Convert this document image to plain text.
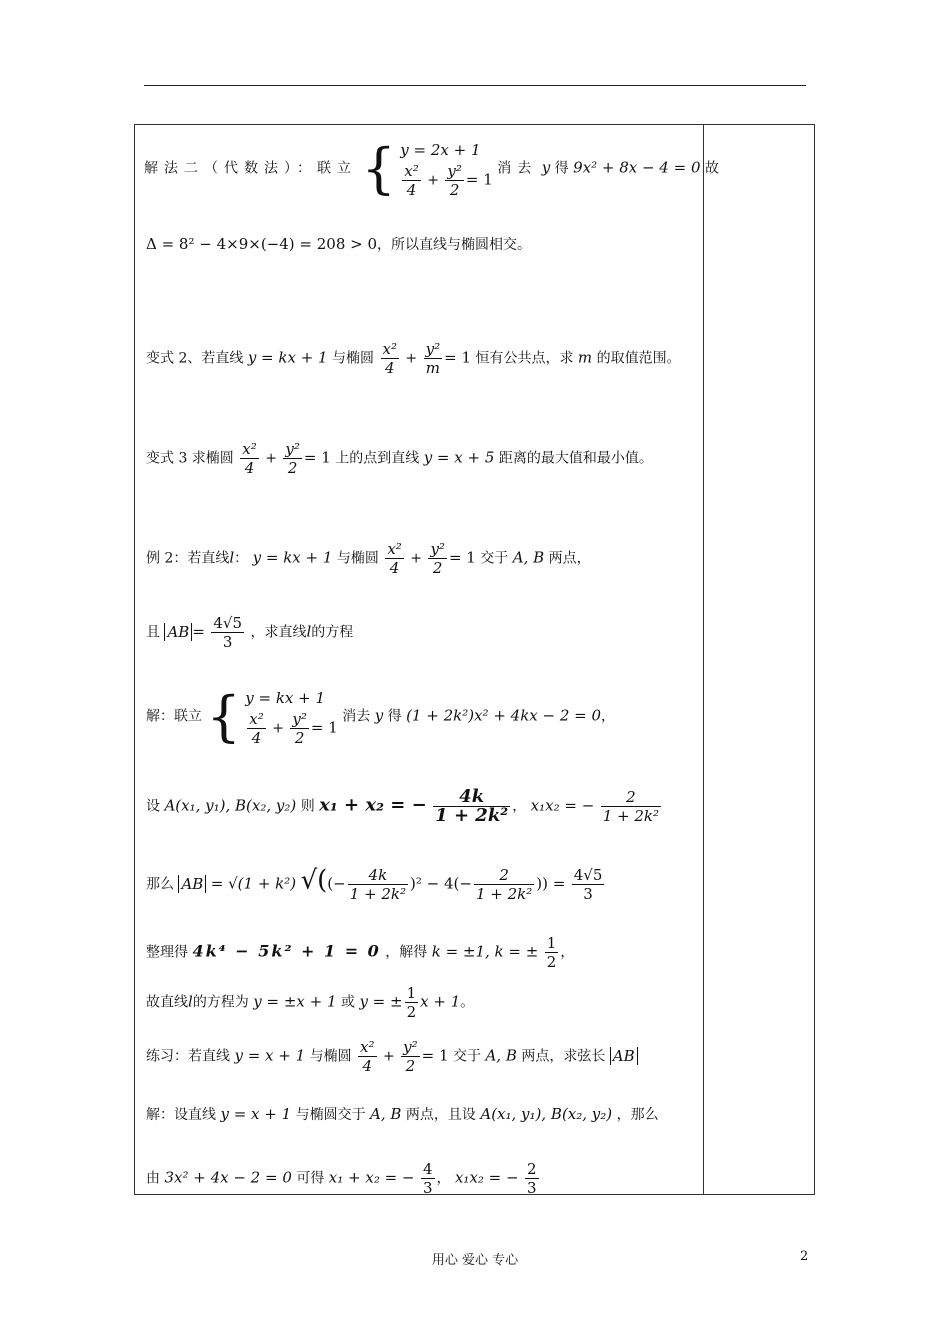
解法二（代数法）：联立 { y = 2x + 1
$\frac{\text{x²}}{4} + \frac{\text{y²}}{2} = 1$
消去 y 得 9x² + 8x − 4 = 0 故
Δ = 8² − 4×9×(−4) = 208 > 0，所以直线与椭圆相交。
变式 2、若直线 y = kx + 1 与椭圆 $\frac{\text{x²}}{4} + \frac{\text{y²}}{m} = 1$ 恒有公共点，求 m 的取值范围。
变式 3 求椭圆 $\frac{\text{x²}}{4} + \frac{\text{y²}}{2} = 1$ 上的点到直线 y = x + 5 距离的最大值和最小值。
例 2：若直线l： y = kx + 1 与椭圆 $\frac{\text{x²}}{4} + \frac{\text{y²}}{2} = 1$ 交于 A, B 两点，
且 AB = $\frac{4√5}{3}$ ，求直线l的方程
解：联立 { y = kx + 1
$\frac{\text{x²}}{4} + \frac{\text{y²}}{2} = 1$
消去 y 得 (1 + 2k²)x² + 4kx − 2 = 0，
设 A(x₁, y₁), B(x₂, y₂) 则 x₁ + x₂ = − $\frac{4k}{\text{1 + 2k²}}$ ， x₁x₂ = − $\frac{2}{\text{1 + 2k²}}$
那么 AB = √(1 + k²) √((− $\frac{4k}{\text{1 + 2k²}} )^2 - 4(- \frac{2}{\text{1 + 2k²}}$ )) = $\frac{4√5}{3}$
整理得 4k⁴ − 5k² + 1 = 0 ，解得 k = ±1, k = ± $\frac{1}{2}$ ，
故直线l的方程为 y = ±x + 1 或 y = ± $\frac{1}{2}$ x + 1。
练习：若直线 y = x + 1 与椭圆 $\frac{\text{x²}}{4} + \frac{\text{y²}}{2} = 1$ 交于 A, B 两点，求弦长 AB
解：设直线 y = x + 1 与椭圆交于 A, B 两点，且设 A(x₁, y₁), B(x₂, y₂) ，那么
由 3x² + 4x − 2 = 0 可得 x₁ + x₂ = − $\frac{4}{3}$ ， x₁x₂ = − $\frac{2}{3}$
用心 爱心 专心	2
